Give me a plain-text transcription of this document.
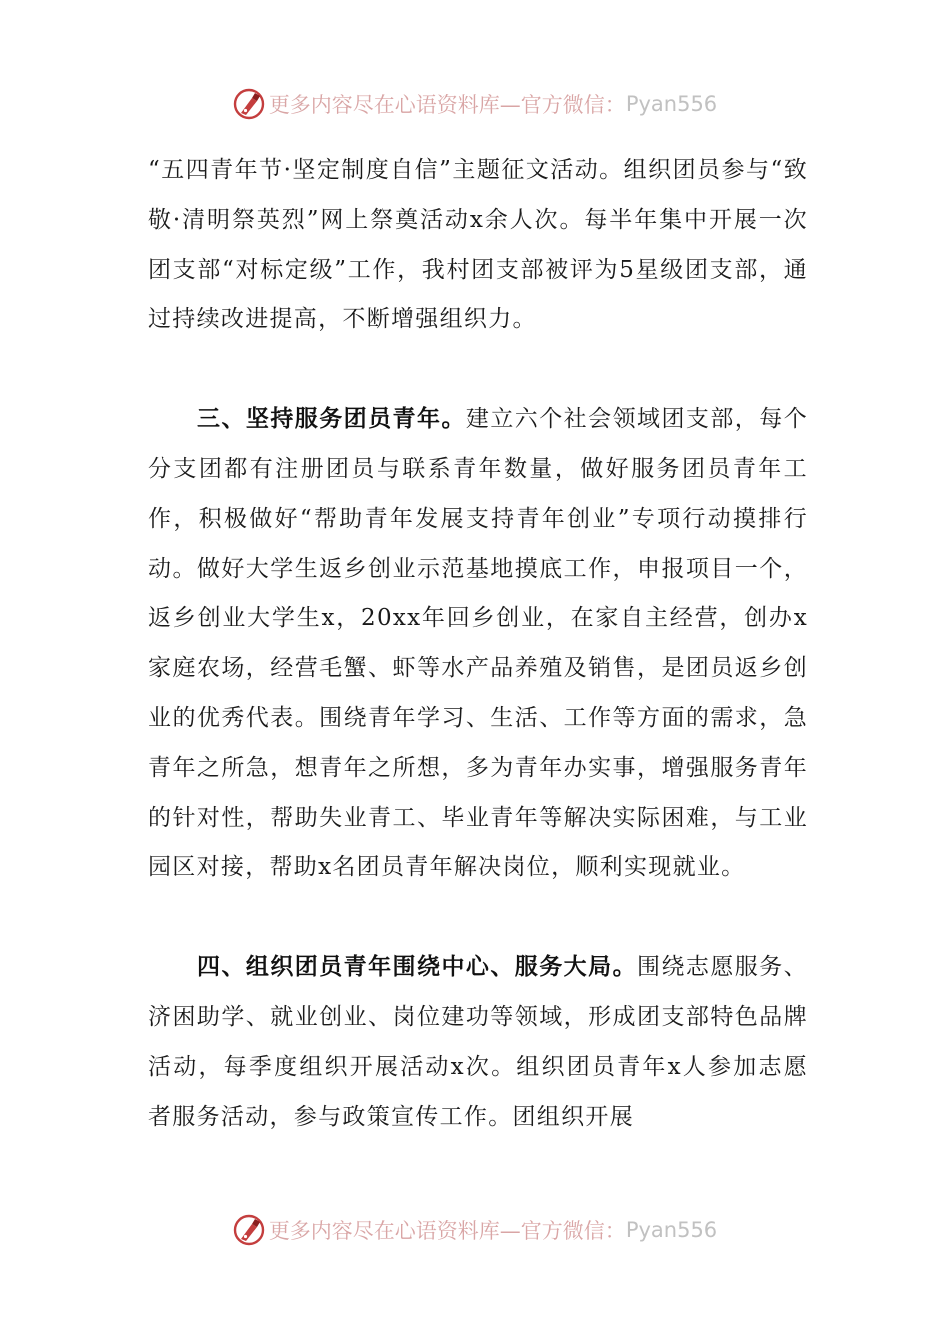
更多内容尽在心语资料库—官方微信： Pyan556

“五四青年节·坚定制度自信”主题征文活动。组织团员参与“致敬·清明祭英烈”网上祭奠活动x余人次。每半年集中开展一次团支部“对标定级”工作，我村团支部被评为5星级团支部，通过持续改进提高，不断增强组织力。

三、坚持服务团员青年。建立六个社会领域团支部，每个分支团都有注册团员与联系青年数量，做好服务团员青年工作，积极做好“帮助青年发展支持青年创业”专项行动摸排行动。做好大学生返乡创业示范基地摸底工作，申报项目一个，返乡创业大学生x，20xx年回乡创业，在家自主经营，创办x家庭农场，经营毛蟹、虾等水产品养殖及销售，是团员返乡创业的优秀代表。围绕青年学习、生活、工作等方面的需求，急青年之所急，想青年之所想，多为青年办实事，增强服务青年的针对性，帮助失业青工、毕业青年等解决实际困难，与工业园区对接，帮助x名团员青年解决岗位，顺利实现就业。

四、组织团员青年围绕中心、服务大局。围绕志愿服务、济困助学、就业创业、岗位建功等领域，形成团支部特色品牌活动，每季度组织开展活动x次。组织团员青年x人参加志愿者服务活动，参与政策宣传工作。团组织开展

更多内容尽在心语资料库—官方微信： Pyan556
